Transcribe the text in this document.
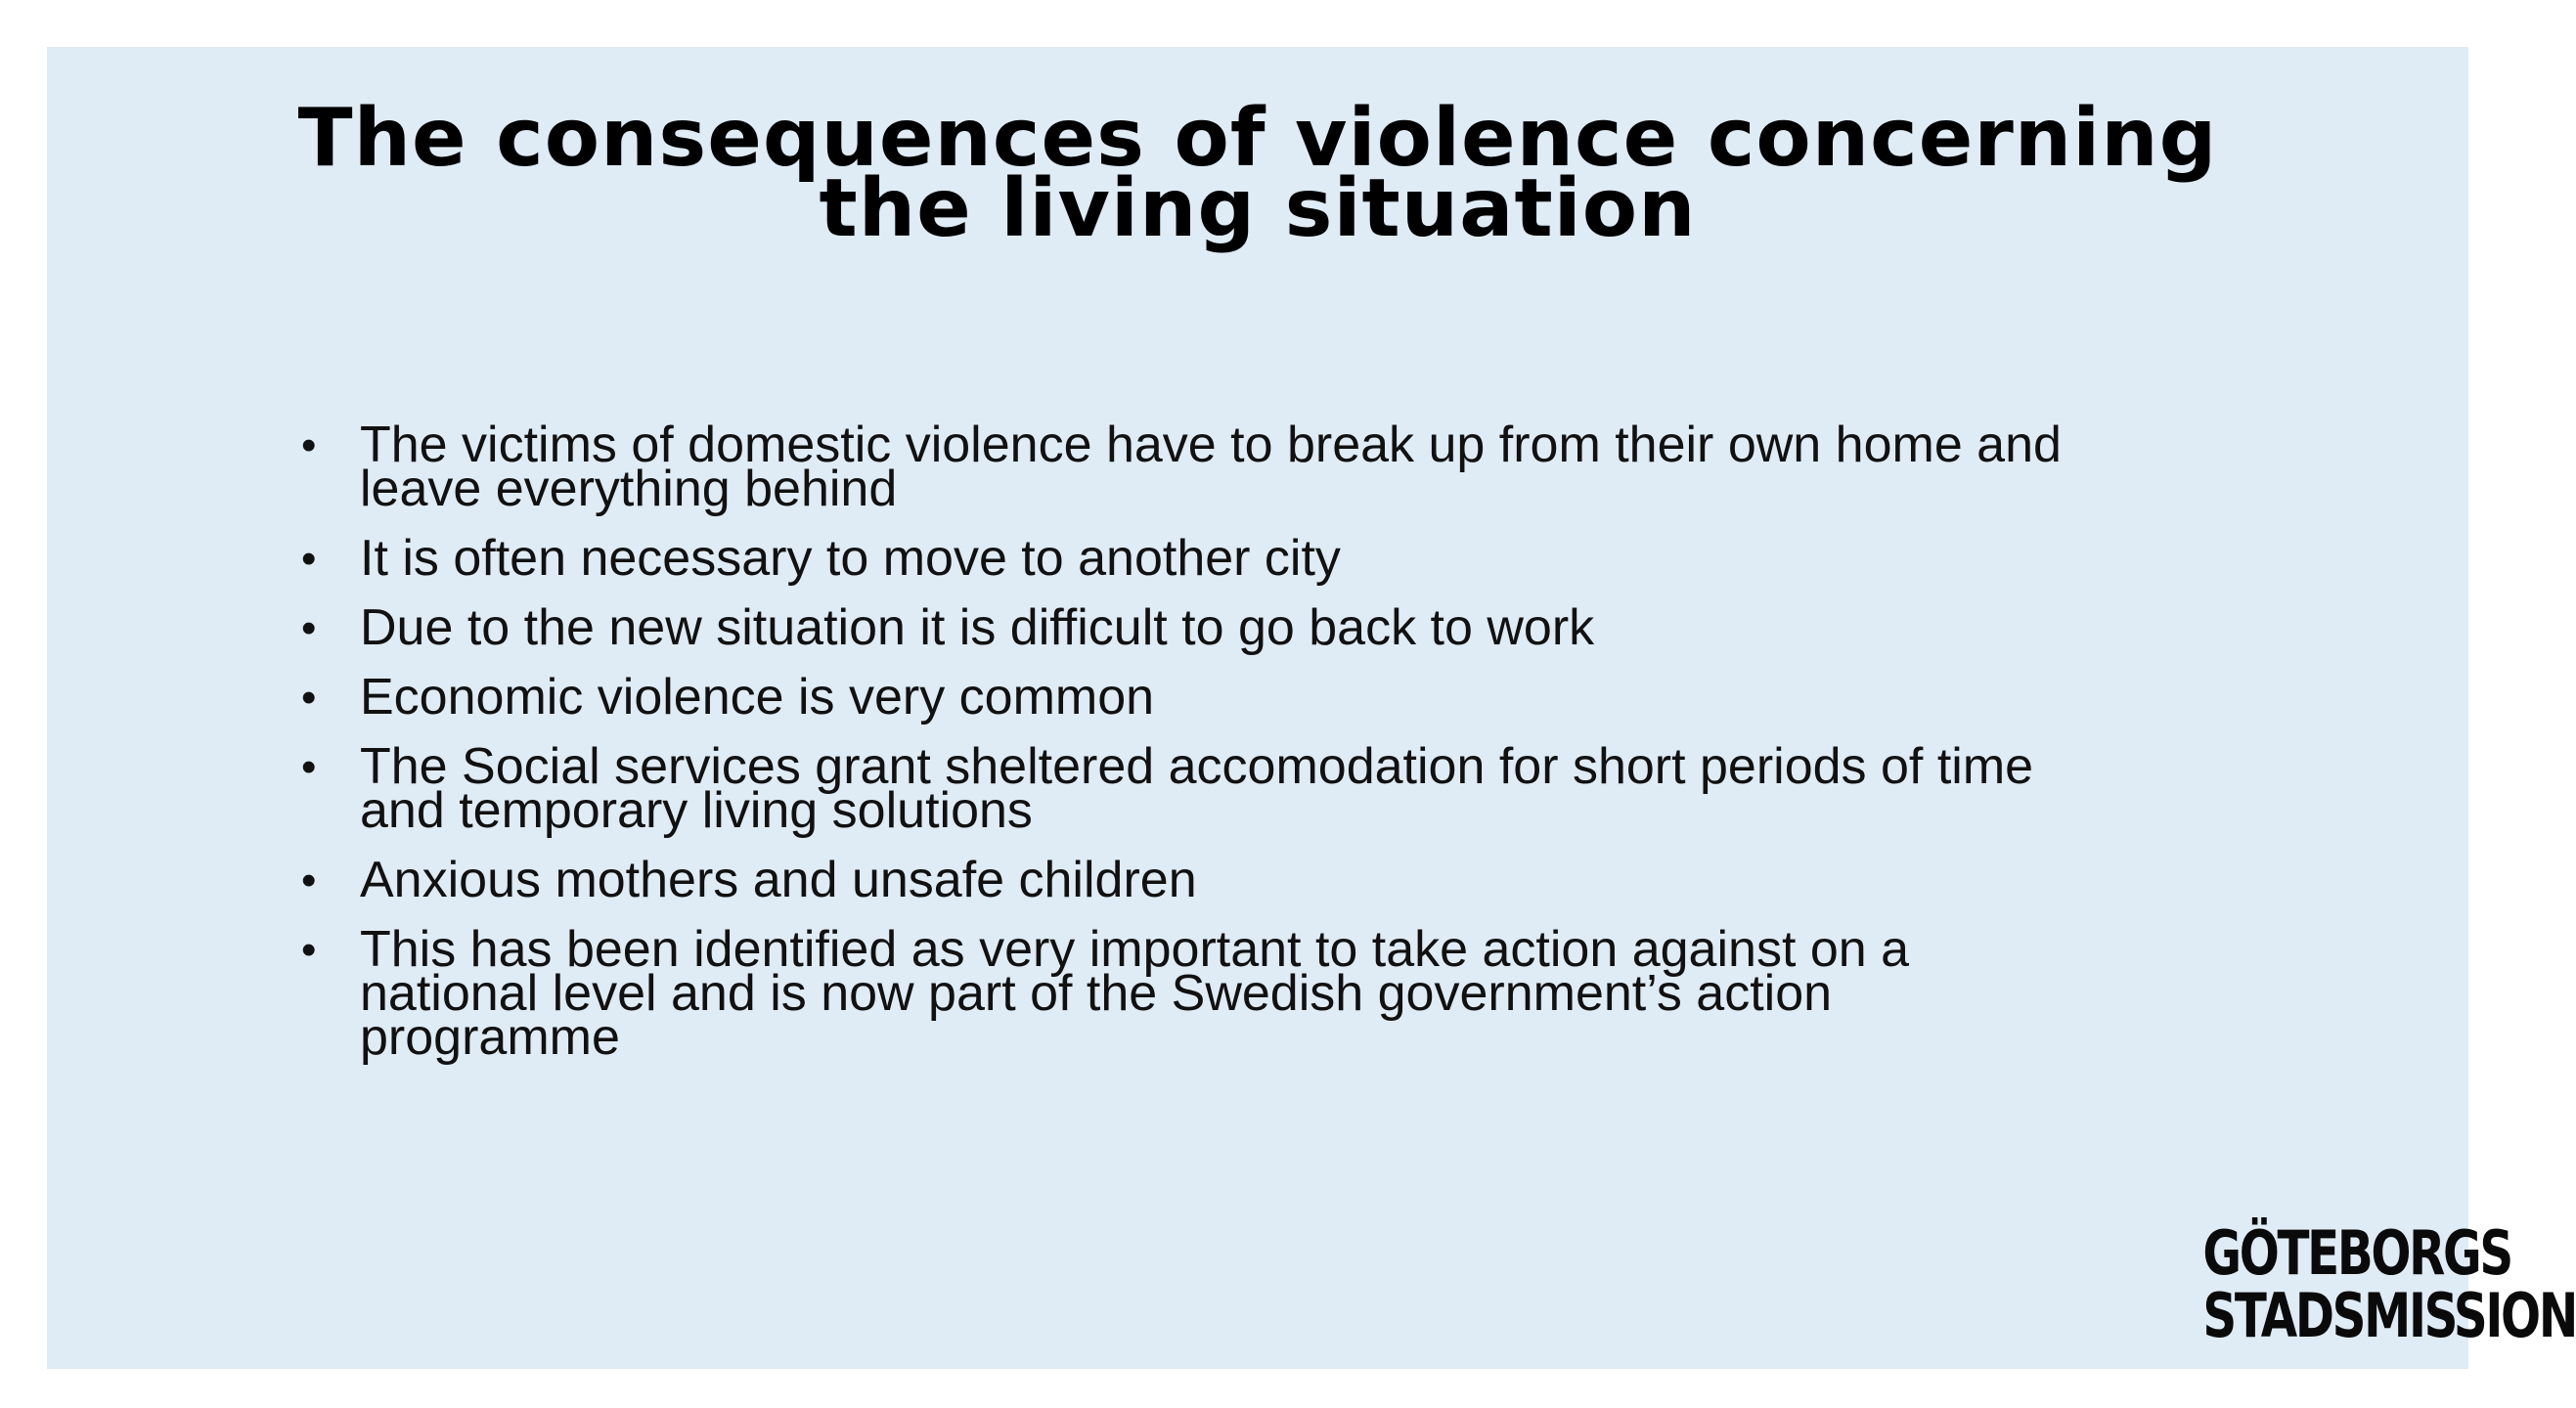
The consequences of violence concerning
the living situation
• The victims of domestic violence have to break up from their own home and leave everything behind
• It is often necessary to move to another city
• Due to the new situation it is difficult to go back to work
• Economic violence is very common
• The Social services grant sheltered accomodation for short periods of time and temporary living solutions
• Anxious mothers and unsafe children
• This has been identified as very important to take action against on a national level and is now part of the Swedish government’s action programme
GÖTEBORGS
STADSMISSION
